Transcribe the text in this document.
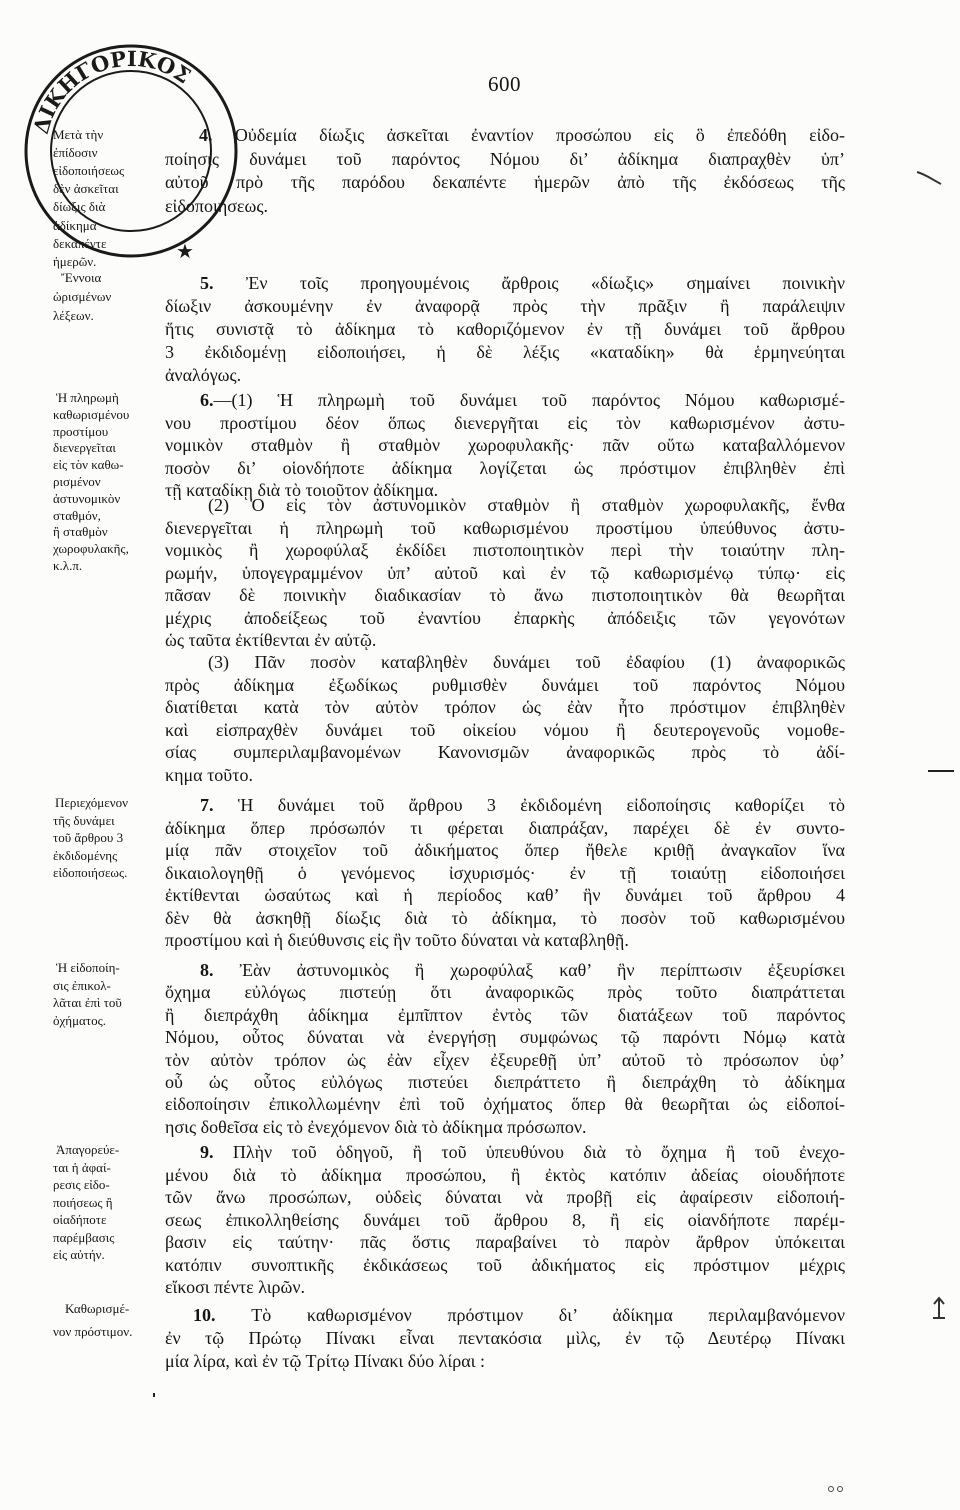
600
Μετὰ τὴν
ἐπίδοσιν
εἰδοποιήσεως
δὲν ἀσκεῖται
δίωξις διὰ
ἀδίκημα
δεκαπέντε
ἡμερῶν.
Ἔννοια
ὡρισμένων
λέξεων.
Ἡ πληρωμὴ
καθωρισμένου
προστίμου
διενεργεῖται
εἰς τὸν καθω-
ρισμένον
ἀστυνομικὸν
σταθμόν,
ἢ σταθμὸν
χωροφυλακῆς,
κ.λ.π.
Περιεχόμενον
τῆς δυνάμει
τοῦ ἄρθρου 3
ἐκδιδομένης
εἰδοποιήσεως.
Ἡ εἰδοποίη-
σις ἐπικολ-
λᾶται ἐπὶ τοῦ
ὀχήματος.
Ἀπαγορεύε-
ται ἡ ἀφαί-
ρεσις εἰδο-
ποιήσεως ἢ
οἱαδήποτε
παρέμβασις
εἰς αὐτήν.
Καθωρισμέ-
νον πρόστιμον.
4. Οὐδεμία δίωξις ἀσκεῖται ἐναντίον προσώπου εἰς ὃ ἐπεδόθη εἰδο-
ποίησις δυνάμει τοῦ παρόντος Νόμου δι’ ἀδίκημα διαπραχθὲν ὑπ’
αὐτοῦ πρὸ τῆς παρόδου δεκαπέντε ἡμερῶν ἀπὸ τῆς ἐκδόσεως τῆς
εἰδοποιήσεως.
5. Ἐν τοῖς προηγουμένοις ἄρθροις «δίωξις» σημαίνει ποινικὴν
δίωξιν ἀσκουμένην ἐν ἀναφορᾷ πρὸς τὴν πρᾶξιν ἢ παράλειψιν
ἥτις συνιστᾷ τὸ ἀδίκημα τὸ καθοριζόμενον ἐν τῇ δυνάμει τοῦ ἄρθρου
3 ἐκδιδομένῃ εἰδοποιήσει, ἡ δὲ λέξις «καταδίκη» θὰ ἑρμηνεύηται
ἀναλόγως.
6.—(1) Ἡ πληρωμὴ τοῦ δυνάμει τοῦ παρόντος Νόμου καθωρισμέ-
νου προστίμου δέον ὅπως διενεργῆται εἰς τὸν καθωρισμένον ἀστυ-
νομικὸν σταθμὸν ἢ σταθμὸν χωροφυλακῆς· πᾶν οὕτω καταβαλλόμενον
ποσὸν δι’ οἱονδήποτε ἀδίκημα λογίζεται ὡς πρόστιμον ἐπιβληθὲν ἐπὶ
τῇ καταδίκῃ διὰ τὸ τοιοῦτον ἀδίκημα.
(2) Ὁ εἰς τὸν ἀστυνομικὸν σταθμὸν ἢ σταθμὸν χωροφυλακῆς, ἔνθα
διενεργεῖται ἡ πληρωμὴ τοῦ καθωρισμένου προστίμου ὑπεύθυνος ἀστυ-
νομικὸς ἢ χωροφύλαξ ἐκδίδει πιστοποιητικὸν περὶ τὴν τοιαύτην πλη-
ρωμήν, ὑπογεγραμμένον ὑπ’ αὐτοῦ καὶ ἐν τῷ καθωρισμένῳ τύπῳ· εἰς
πᾶσαν δὲ ποινικὴν διαδικασίαν τὸ ἄνω πιστοποιητικὸν θὰ θεωρῆται
μέχρις ἀποδείξεως τοῦ ἐναντίου ἐπαρκὴς ἀπόδειξις τῶν γεγονότων
ὡς ταῦτα ἐκτίθενται ἐν αὐτῷ.
(3) Πᾶν ποσὸν καταβληθὲν δυνάμει τοῦ ἐδαφίου (1) ἀναφορικῶς
πρὸς ἀδίκημα ἐξωδίκως ρυθμισθὲν δυνάμει τοῦ παρόντος Νόμου
διατίθεται κατὰ τὸν αὐτὸν τρόπον ὡς ἐὰν ἦτο πρόστιμον ἐπιβληθὲν
καὶ εἰσπραχθὲν δυνάμει τοῦ οἰκείου νόμου ἢ δευτερογενοῦς νομοθε-
σίας συμπεριλαμβανομένων Κανονισμῶν ἀναφορικῶς πρὸς τὸ ἀδί-
κημα τοῦτο.
7. Ἡ δυνάμει τοῦ ἄρθρου 3 ἐκδιδομένη εἰδοποίησις καθορίζει τὸ
ἀδίκημα ὅπερ πρόσωπόν τι φέρεται διαπράξαν, παρέχει δὲ ἐν συντο-
μίᾳ πᾶν στοιχεῖον τοῦ ἀδικήματος ὅπερ ἤθελε κριθῇ ἀναγκαῖον ἵνα
δικαιολογηθῇ ὁ γενόμενος ἰσχυρισμός· ἐν τῇ τοιαύτῃ εἰδοποιήσει
ἐκτίθενται ὡσαύτως καὶ ἡ περίοδος καθ’ ἣν δυνάμει τοῦ ἄρθρου 4
δὲν θὰ ἀσκηθῇ δίωξις διὰ τὸ ἀδίκημα, τὸ ποσὸν τοῦ καθωρισμένου
προστίμου καὶ ἡ διεύθυνσις εἰς ἣν τοῦτο δύναται νὰ καταβληθῇ.
8. Ἐὰν ἀστυνομικὸς ἢ χωροφύλαξ καθ’ ἣν περίπτωσιν ἐξευρίσκει
ὄχημα εὐλόγως πιστεύῃ ὅτι ἀναφορικῶς πρὸς τοῦτο διαπράττεται
ἢ διεπράχθη ἀδίκημα ἐμπῖπτον ἐντὸς τῶν διατάξεων τοῦ παρόντος
Νόμου, οὗτος δύναται νὰ ἐνεργήσῃ συμφώνως τῷ παρόντι Νόμῳ κατὰ
τὸν αὐτὸν τρόπον ὡς ἐὰν εἶχεν ἐξευρεθῇ ὑπ’ αὐτοῦ τὸ πρόσωπον ὑφ’
οὗ ὡς οὗτος εὐλόγως πιστεύει διεπράττετο ἢ διεπράχθη τὸ ἀδίκημα
εἰδοποίησιν ἐπικολλωμένην ἐπὶ τοῦ ὀχήματος ὅπερ θὰ θεωρῆται ὡς εἰδοποί-
ησις δοθεῖσα εἰς τὸ ἐνεχόμενον διὰ τὸ ἀδίκημα πρόσωπον.
9. Πλὴν τοῦ ὁδηγοῦ, ἢ τοῦ ὑπευθύνου διὰ τὸ ὄχημα ἢ τοῦ ἐνεχο-
μένου διὰ τὸ ἀδίκημα προσώπου, ἢ ἐκτὸς κατόπιν ἀδείας οἱουδήποτε
τῶν ἄνω προσώπων, οὐδεὶς δύναται νὰ προβῇ εἰς ἀφαίρεσιν εἰδοποιή-
σεως ἐπικολληθείσης δυνάμει τοῦ ἄρθρου 8, ἢ εἰς οἱανδήποτε παρέμ-
βασιν εἰς ταύτην· πᾶς ὅστις παραβαίνει τὸ παρὸν ἄρθρον ὑπόκειται
κατόπιν συνοπτικῆς ἐκδικάσεως τοῦ ἀδικήματος εἰς πρόστιμον μέχρις
εἴκοσι πέντε λιρῶν.
10. Τὸ καθωρισμένον πρόστιμον δι’ ἀδίκημα περιλαμβανόμενον
ἐν τῷ Πρώτῳ Πίνακι εἶναι πεντακόσια μὶλς, ἐν τῷ Δευτέρῳ Πίνακι
μία λίρα, καὶ ἐν τῷ Τρίτῳ Πίνακι δύο λίραι :
ΔΙΚΗΓΟΡΙΚΟΣ
★
